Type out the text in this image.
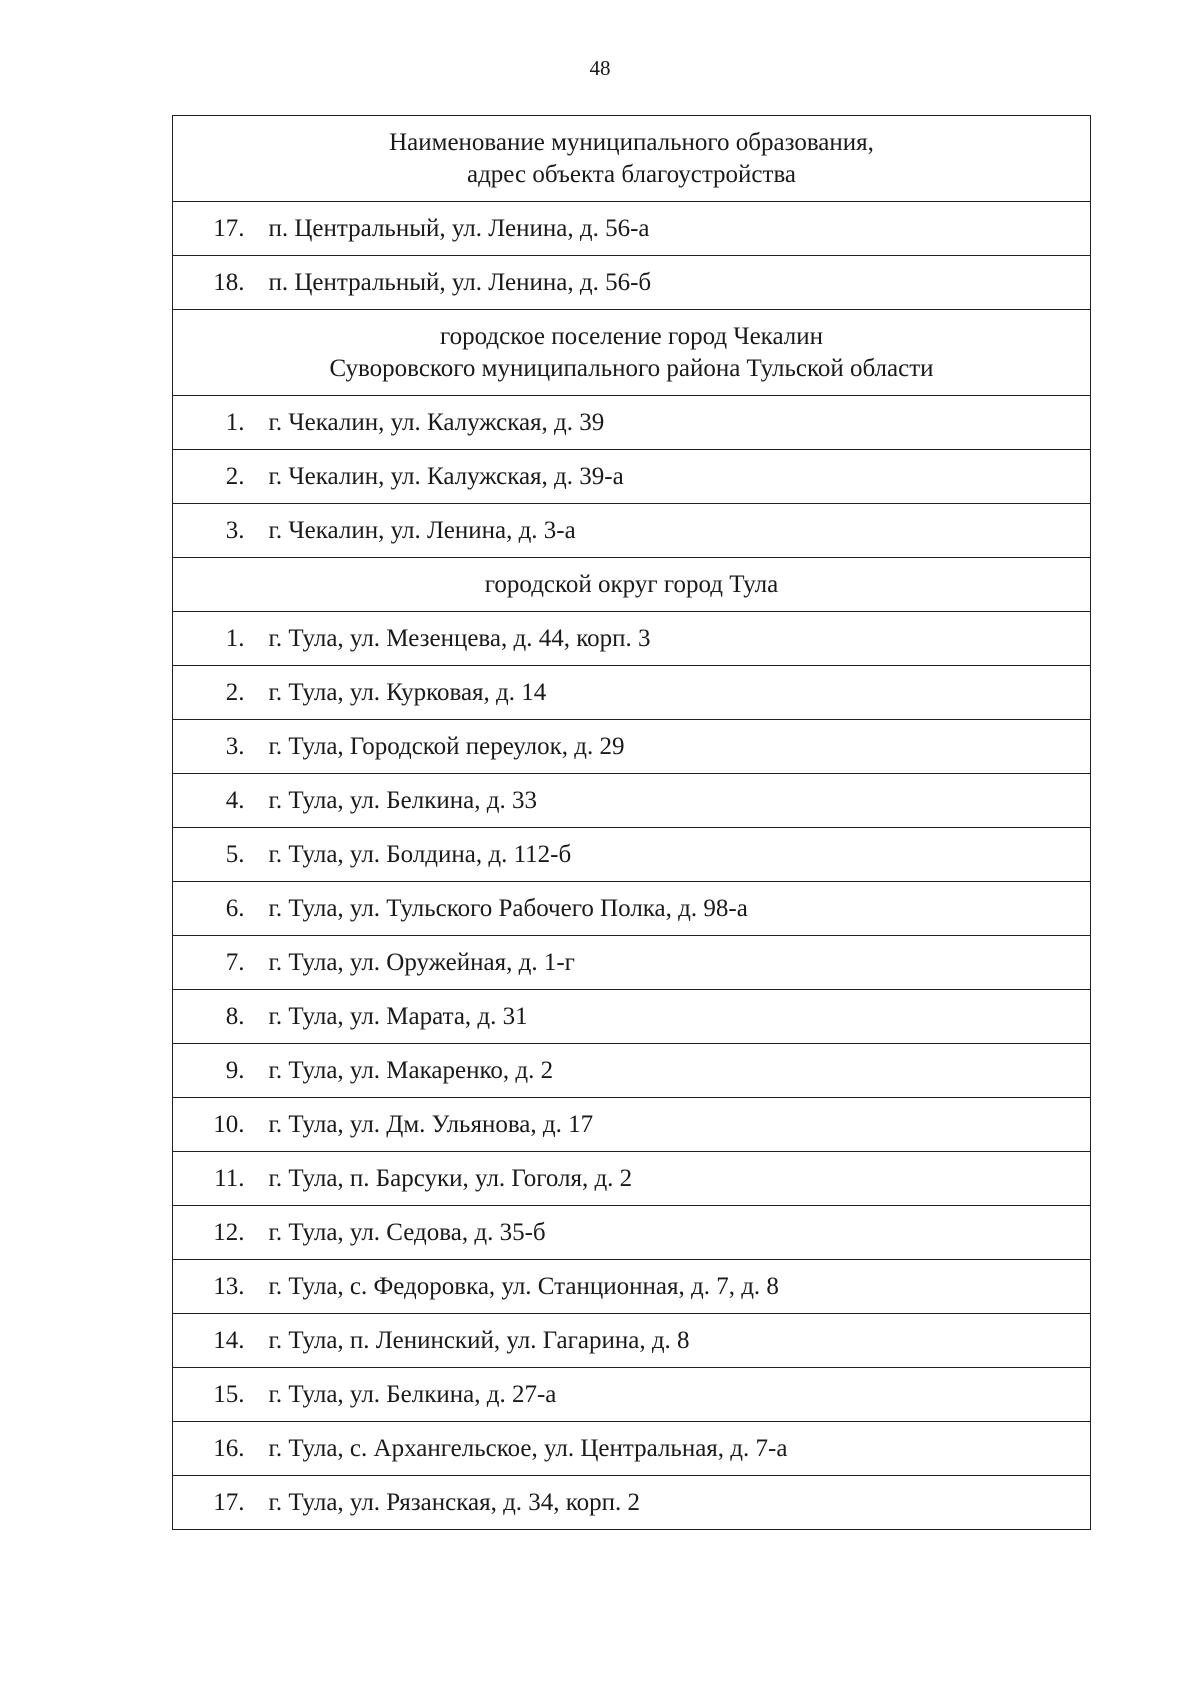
48
Наименование муниципального образования,
адрес объекта благоустройства	

17.	п. Центральный, ул. Ленина, д. 56-а
18.	п. Центральный, ул. Ленина, д. 56-б

городское поселение город Чекалин
Суворовского муниципального района Тульской области	

1.	г. Чекалин, ул. Калужская, д. 39
2.	г. Чекалин, ул. Калужская, д. 39-а
3.	г. Чекалин, ул. Ленина, д. 3-а

городской округ город Тула	

1.	г. Тула, ул. Мезенцева, д. 44, корп. 3
2.	г. Тула, ул. Курковая, д. 14
3.	г. Тула, Городской переулок, д. 29
4.	г. Тула, ул. Белкина, д. 33
5.	г. Тула, ул. Болдина, д. 112-б
6.	г. Тула, ул. Тульского Рабочего Полка, д. 98-а
7.	г. Тула, ул. Оружейная, д. 1-г
8.	г. Тула, ул. Марата, д. 31
9.	г. Тула, ул. Макаренко, д. 2
10.	г. Тула, ул. Дм. Ульянова, д. 17
11.	г. Тула, п. Барсуки, ул. Гоголя, д. 2
12.	г. Тула, ул. Седова, д. 35-б
13.	г. Тула, с. Федоровка, ул. Станционная, д. 7, д. 8
14.	г. Тула, п. Ленинский, ул. Гагарина, д. 8
15.	г. Тула, ул. Белкина, д. 27-а
16.	г. Тула, с. Архангельское, ул. Центральная, д. 7-а
17.	г. Тула, ул. Рязанская, д. 34, корп. 2
